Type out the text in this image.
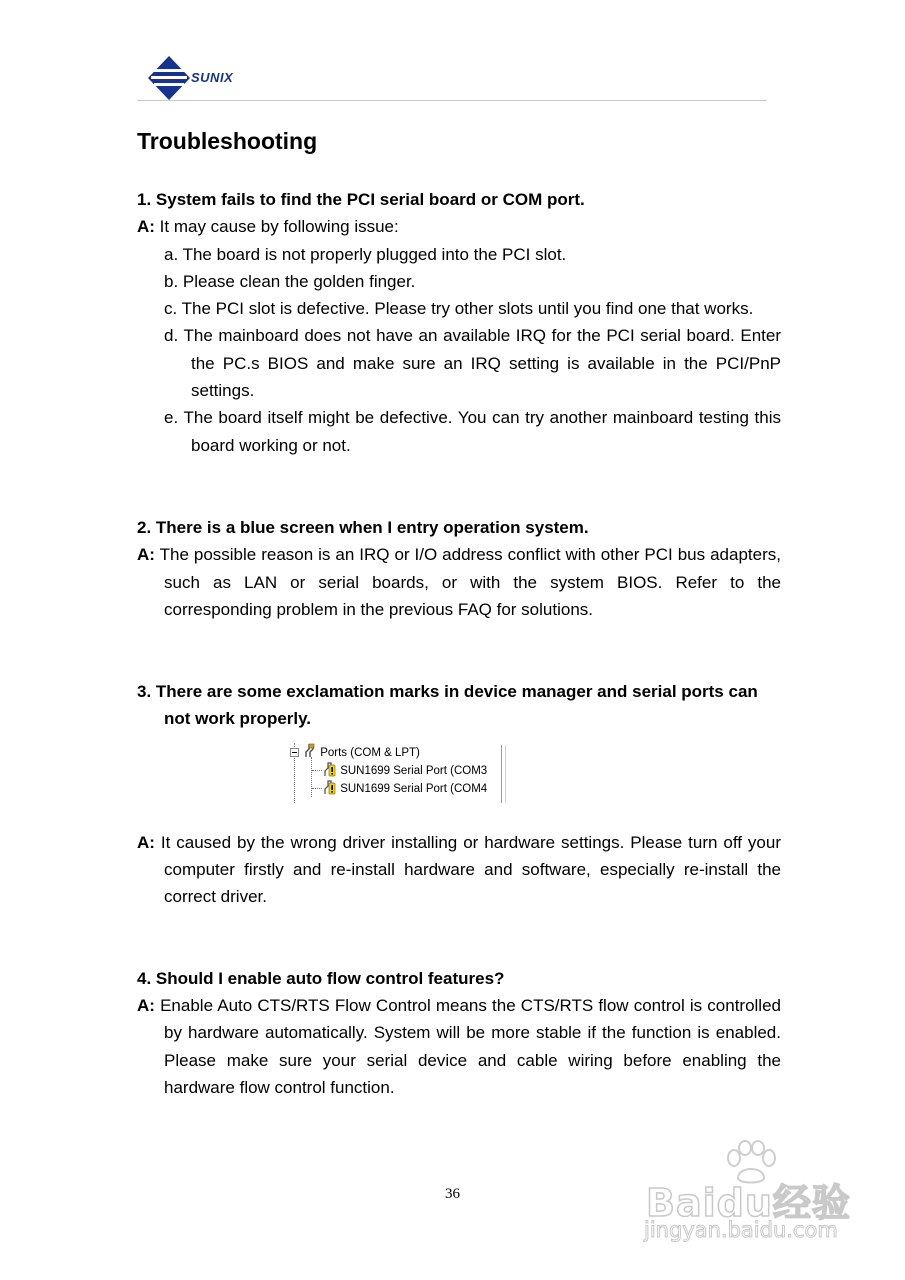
SUNIX
Troubleshooting

1. System fails to find the PCI serial board or COM port.

A: It may cause by following issue:

a. The board is not properly plugged into the PCI slot.
b. Please clean the golden finger.
c. The PCI slot is defective. Please try other slots until you find one that works.
d. The mainboard does not have an available IRQ for the PCI serial board. Enter the PC.s BIOS and make sure an IRQ setting is available in the PCI/PnP settings.
e. The board itself might be defective. You can try another mainboard testing this board working or not.

2. There is a blue screen when I entry operation system.

A: The possible reason is an IRQ or I/O address conflict with other PCI bus adapters, such as LAN or serial boards, or with the system BIOS. Refer to the corresponding problem in the previous FAQ for solutions.

3. There are some exclamation marks in device manager and serial ports can not work properly.

Ports (COM & LPT)
SUN1699 Serial Port (COM3
SUN1699 Serial Port (COM4

A: It caused by the wrong driver installing or hardware settings. Please turn off your computer firstly and re-install hardware and software, especially re-install the correct driver.

4. Should I enable auto flow control features?

A: Enable Auto CTS/RTS Flow Control means the CTS/RTS flow control is controlled by hardware automatically. System will be more stable if the function is enabled. Please make sure your serial device and cable wiring before enabling the hardware flow control function.

36	Baidu经验
jingyan.baidu.com
